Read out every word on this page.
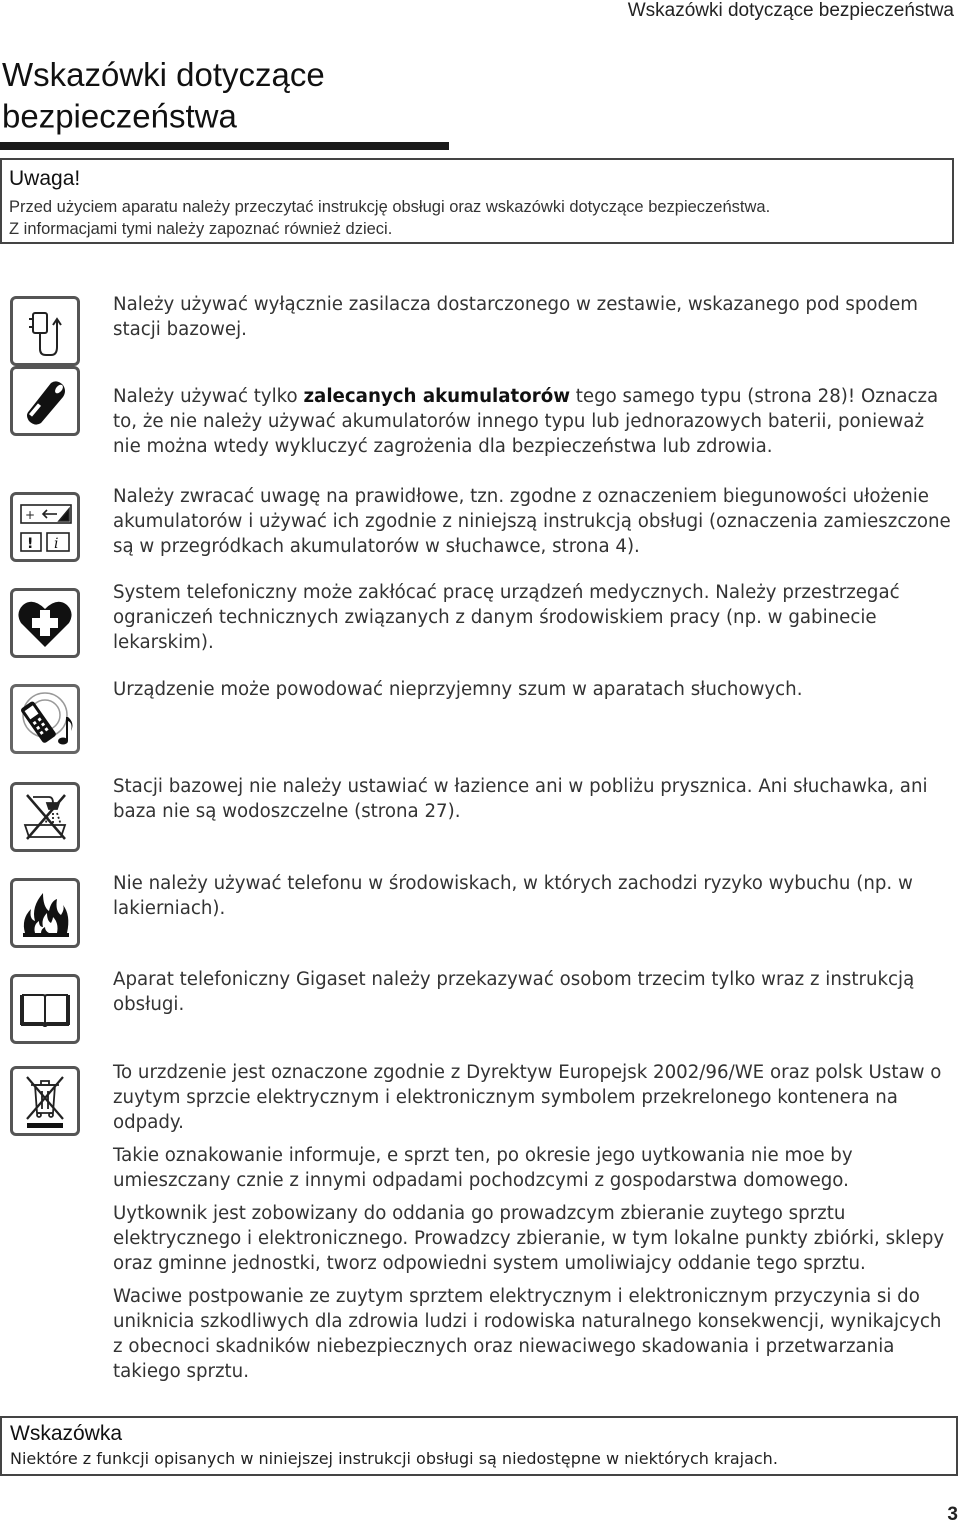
Wskazówki dotyczące bezpieczeństwa
Wskazówki dotyczące
bezpieczeństwa
Uwaga!
Przed użyciem aparatu należy przeczytać instrukcję obsługi oraz wskazówki dotyczące bezpieczeństwa.
Z informacjami tymi należy zapoznać również dzieci.
Należy używać wyłącznie zasilacza dostarczonego w zestawie, wskazanego pod spodem stacji bazowej.
Należy używać tylko zalecanych akumulatorów tego samego typu (strona 28)! Oznacza to, że nie należy używać akumulatorów innego typu lub jednorazowych baterii, ponieważ nie można wtedy wykluczyć zagrożenia dla bezpieczeństwa lub zdrowia.
+
! i
Należy zwracać uwagę na prawidłowe, tzn. zgodne z oznaczeniem biegunowości ułożenie akumulatorów i używać ich zgodnie z niniejszą instrukcją obsługi (oznaczenia zamieszczone są w przegródkach akumulatorów w słuchawce, strona 4).
System telefoniczny może zakłócać pracę urządzeń medycznych. Należy przestrzegać ograniczeń technicznych związanych z danym środowiskiem pracy (np. w gabinecie lekarskim).
Urządzenie może powodować nieprzyjemny szum w aparatach słuchowych.
Stacji bazowej nie należy ustawiać w łazience ani w pobliżu prysznica. Ani słuchawka, ani baza nie są wodoszczelne (strona 27).
Nie należy używać telefonu w środowiskach, w których zachodzi ryzyko wybuchu (np. w lakierniach).
Aparat telefoniczny Gigaset należy przekazywać osobom trzecim tylko wraz z instrukcją obsługi.

To urzdzenie jest oznaczone zgodnie z Dyrektyw Europejsk 2002/96/WE oraz polsk Ustaw o zuytym sprzcie elektrycznym i elektronicznym symbolem przekrelonego kontenera na odpady.

Takie oznakowanie informuje, e sprzt ten, po okresie jego uytkowania nie moe by umieszczany cznie z innymi odpadami pochodzcymi z gospodarstwa domowego.

Uytkownik jest zobowizany do oddania go prowadzcym zbieranie zuytego sprztu elektrycznego i elektronicznego. Prowadzcy zbieranie, w tym lokalne punkty zbiórki, sklepy oraz gminne jednostki, tworz odpowiedni system umoliwiajcy oddanie tego sprztu.

Waciwe postpowanie ze zuytym sprztem elektrycznym i elektronicznym przyczynia si do uniknicia szkodliwych dla zdrowia ludzi i rodowiska naturalnego konsekwencji, wynikajcych z obecnoci skadników niebezpiecznych oraz niewaciwego skadowania i przetwarzania takiego sprztu.

Wskazówka
Niektóre z funkcji opisanych w niniejszej instrukcji obsługi są niedostępne w niektórych krajach.
3
